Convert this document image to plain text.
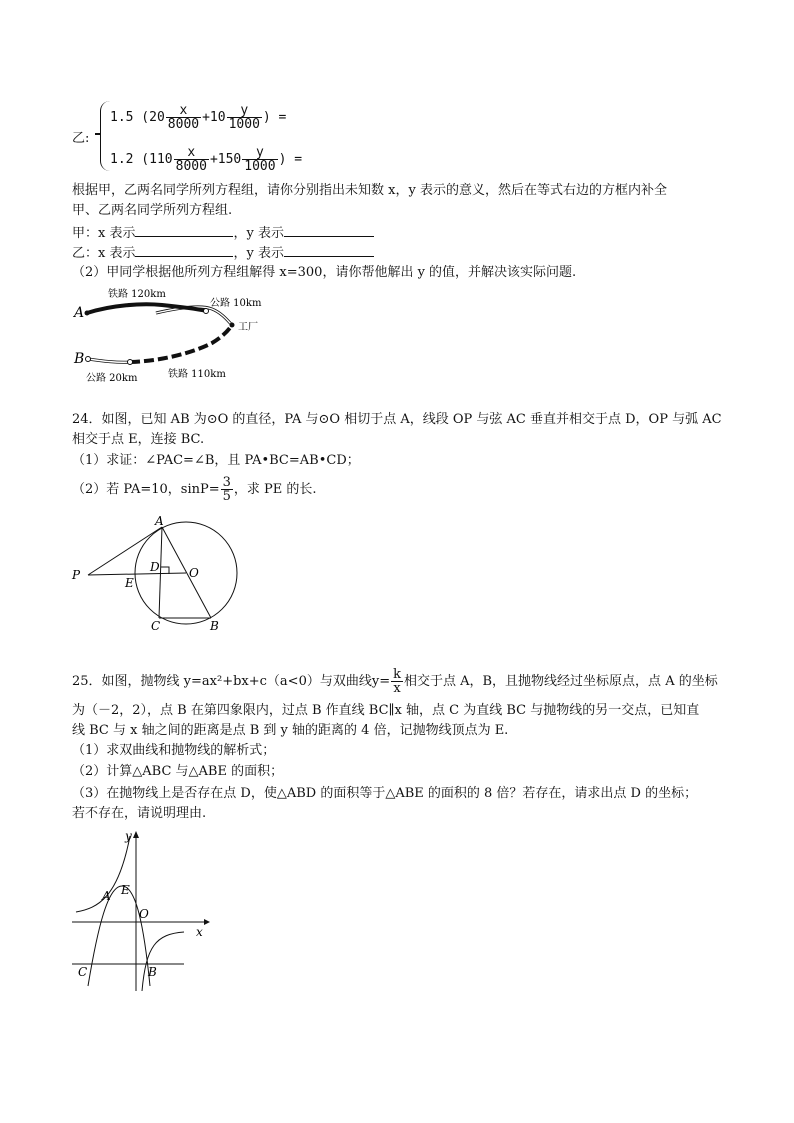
乙:
1.5 ($20 \frac{x}{8000} +10 \frac{y}{1000}$ ) =
1.2 ($110 \frac{x}{8000} +150 \frac{y}{1000}$ ) =
根据甲，乙两名同学所列方程组，请你分别指出未知数 x，y 表示的意义，然后在等式右边的方框内补全
甲、乙两名同学所列方程组.
甲：x 表示	，y 表示
乙：x 表示	，y 表示
（2）甲同学根据他所列方程组解得 x=300，请你帮他解出 y 的值，并解决该实际问题.
铁路 120km
公路 10km
工厂
A
B
公路 20km	铁路 110km
24．如图，已知 AB 为⊙O 的直径，PA 与⊙O 相切于点 A，线段 OP 与弦 AC 垂直并相交于点 D，OP 与弧 AC
相交于点 E，连接 BC.
（1）求证：∠PAC=∠B，且 PA•BC=AB•CD；
（2）若 PA=10，$\sin P= \frac{3}{5}$ ，求 PE 的长.
A
P
E
D O
C	B
25．如图，抛物线 y=ax²+bx+c（a<0）与双曲线$y= \frac{k}{x}$ 相交于点 A，B，且抛物线经过坐标原点，点 A 的坐标
为（－2，2），点 B 在第四象限内，过点 B 作直线 BC∥x 轴，点 C 为直线 BC 与抛物线的另一交点，已知直
线 BC 与 x 轴之间的距离是点 B 到 y 轴的距离的 4 倍，记抛物线顶点为 E.
（1）求双曲线和抛物线的解析式；
（2）计算△ABC 与△ABE 的面积；
（3）在抛物线上是否存在点 D，使△ABD 的面积等于△ABE 的面积的 8 倍？若存在，请求出点 D 的坐标；
若不存在，请说明理由.
y
x
A E
O
C	B
